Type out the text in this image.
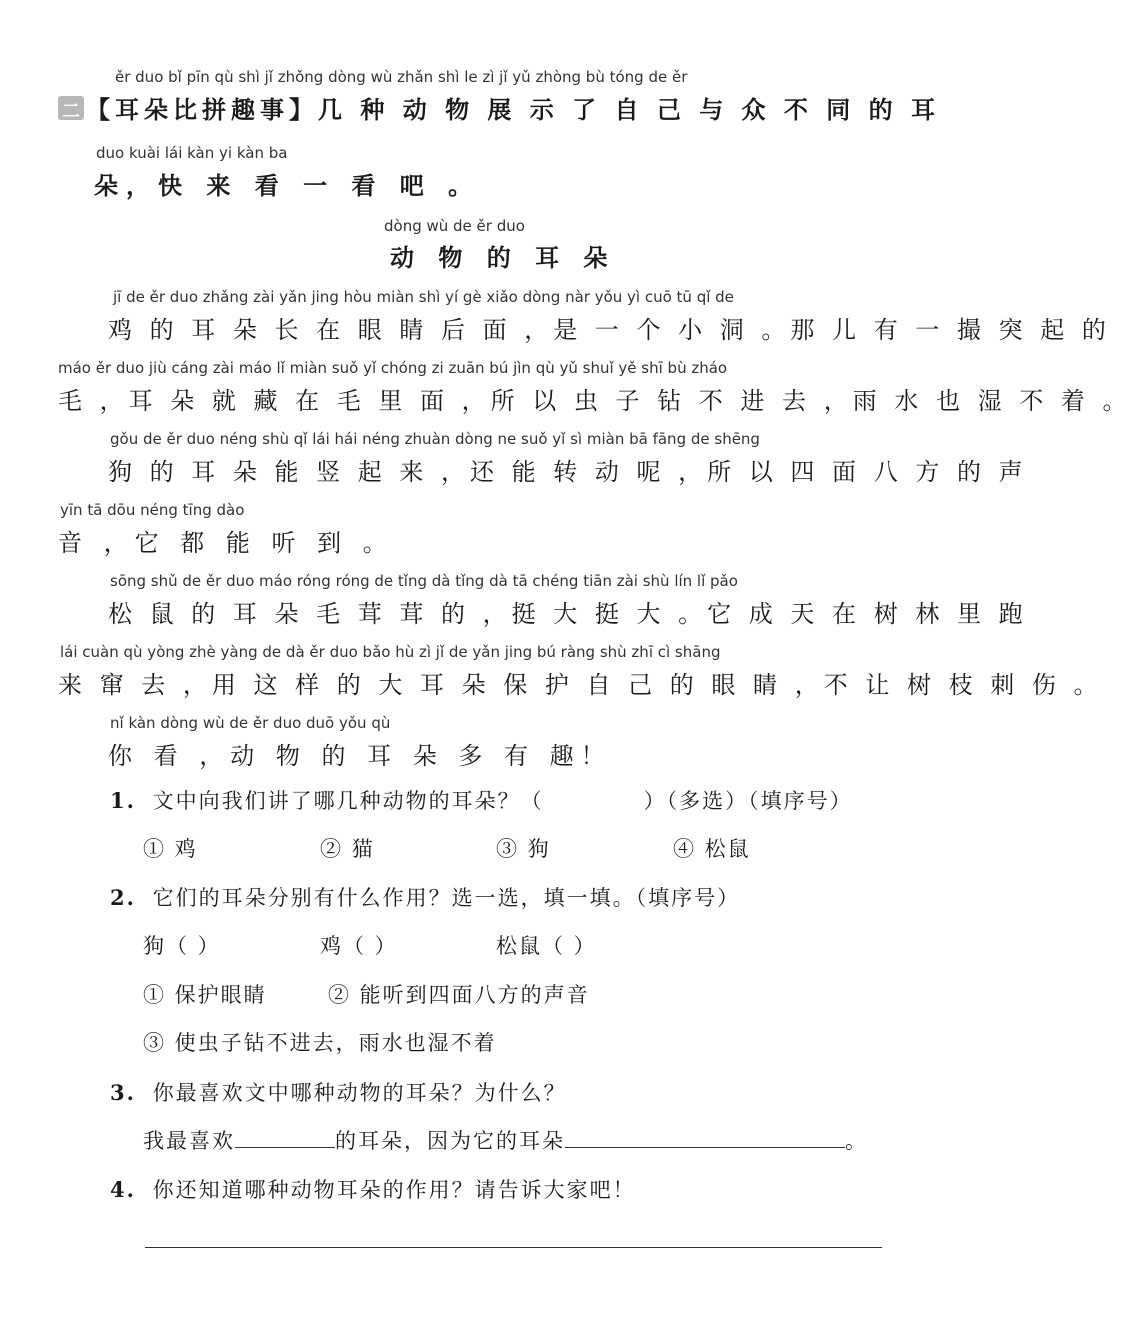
二
ěr duo bǐ pīn qù shì jǐ zhǒng dòng wù zhǎn shì le zì jǐ yǔ zhòng bù tóng de ěr
【耳朵比拼趣事】几 种 动 物 展 示 了 自 己 与 众 不 同 的 耳
duo kuài lái kàn yi kàn ba
朵，快 来 看 一 看 吧 。
dòng wù de ěr duo
动 物 的 耳 朵
jī de ěr duo zhǎng zài yǎn jing hòu miàn shì yí gè xiǎo dòng nàr yǒu yì cuō tū qǐ de
鸡 的 耳 朵 长 在 眼 睛 后 面 ，是 一 个 小 洞 。那 儿 有 一 撮 突 起 的
máo ěr duo jiù cáng zài máo lǐ miàn suǒ yǐ chóng zi zuān bú jìn qù yǔ shuǐ yě shī bù zháo
毛 ，耳 朵 就 藏 在 毛 里 面 ，所 以 虫 子 钻 不 进 去 ，雨 水 也 湿 不 着 。
gǒu de ěr duo néng shù qǐ lái hái néng zhuàn dòng ne suǒ yǐ sì miàn bā fāng de shēng
狗 的 耳 朵 能 竖 起 来 ，还 能 转 动 呢 ，所 以 四 面 八 方 的 声
yīn tā dōu néng tīng dào
音 ，它 都 能 听 到 。
sōng shǔ de ěr duo máo róng róng de tǐng dà tǐng dà tā chéng tiān zài shù lín lǐ pǎo
松 鼠 的 耳 朵 毛 茸 茸 的 ，挺 大 挺 大 。它 成 天 在 树 林 里 跑
lái cuàn qù yòng zhè yàng de dà ěr duo bǎo hù zì jǐ de yǎn jing bú ràng shù zhī cì shāng
来 窜 去 ，用 这 样 的 大 耳 朵 保 护 自 己 的 眼 睛 ，不 让 树 枝 刺 伤 。
nǐ kàn dòng wù de ěr duo duō yǒu qù
你 看 ，动 物 的 耳 朵 多 有 趣！
1. 文中向我们讲了哪几种动物的耳朵？（	）（多选）（填序号）
① 鸡	② 猫	③ 狗	④ 松鼠
2. 它们的耳朵分别有什么作用？选一选，填一填。（填序号）
狗（ ）	鸡（ ）	松鼠（ ）
① 保护眼睛	② 能听到四面八方的声音
③ 使虫子钻不进去，雨水也湿不着
3. 你最喜欢文中哪种动物的耳朵？为什么？
我最喜欢	的耳朵，因为它的耳朵	。
4. 你还知道哪种动物耳朵的作用？请告诉大家吧！
